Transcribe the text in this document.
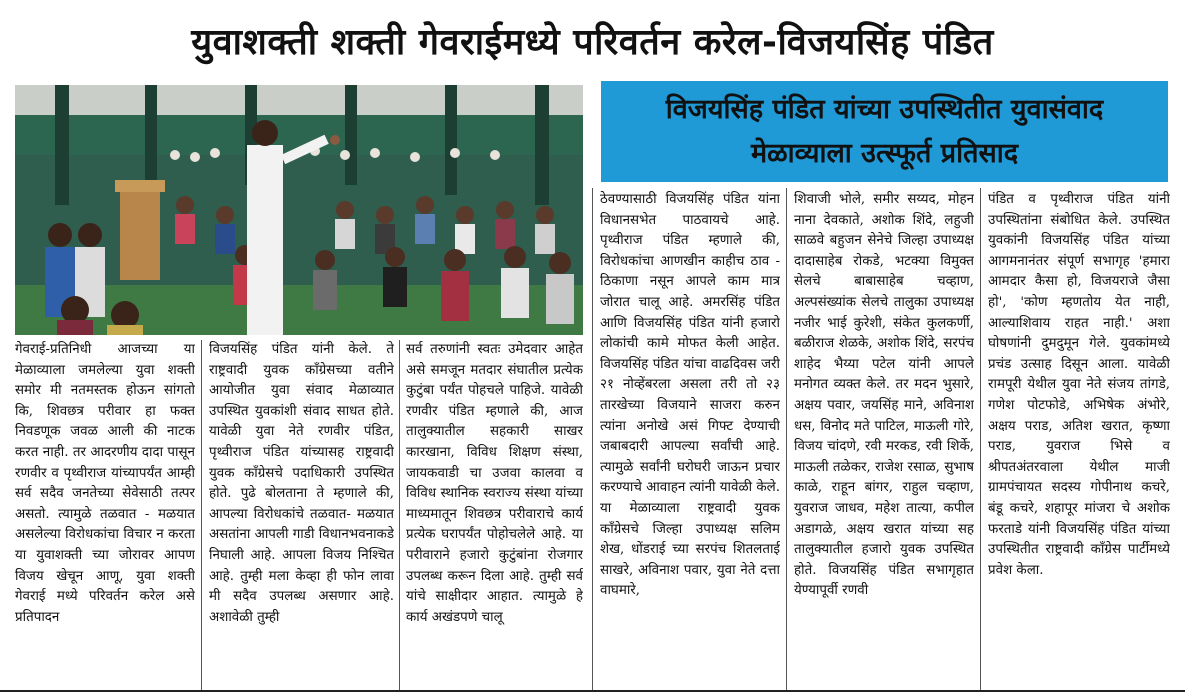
युवाशक्ती शक्ती गेवराईमध्ये परिवर्तन करेल-विजयसिंह पंडित
विजयसिंह पंडित यांच्या उपस्थितीत युवासंवाद
मेळाव्याला उत्स्फूर्त प्रतिसाद

गेवराई-प्रतिनिधी आजच्या या मेळाव्याला जमलेल्या युवा शक्ती समोर मी नतमस्तक होऊन सांगतो कि, शिवछत्र परीवार हा फक्त निवडणूक जवळ आली की नाटक करत नाही. तर आदरणीय दादा पासून रणवीर व पृथ्वीराज यांच्यापर्यंत आम्ही सर्व सदैव जनतेच्या सेवेसाठी तत्पर असतो. त्यामुळे तळवात - मळयात असलेल्या विरोधकांचा विचार न करता या युवाशक्ती च्या जोरावर आपण विजय खेचून आणू, युवा शक्ती गेवराई मध्ये परिवर्तन करेल असे प्रतिपादन

विजयसिंह पंडित यांनी केले. ते राष्ट्रवादी युवक कॉंग्रेसच्या वतीने आयोजीत युवा संवाद मेळाव्यात उपस्थित युवकांशी संवाद साधत होते. यावेळी युवा नेते रणवीर पंडित, पृथ्वीराज पंडित यांच्यासह राष्ट्रवादी युवक कॉंग्रेसचे पदाधिकारी उपस्थित होते. पुढे बोलताना ते म्हणाले की, आपल्या विरोधकांचे तळवात- मळयात असतांना आपली गाडी विधानभवनाकडे निघाली आहे. आपला विजय निश्चित आहे. तुम्ही मला केव्हा ही फोन लावा मी सदैव उपलब्ध असणार आहे. अशावेळी तुम्ही

सर्व तरुणांनी स्वतः उमेदवार आहेत असे समजून मतदार संघातील प्रत्येक कुटुंबा पर्यंत पोहचले पाहिजे. यावेळी रणवीर पंडित म्हणाले की, आज तालुक्यातील सहकारी साखर कारखाना, विविध शिक्षण संस्था, जायकवाडी चा उजवा कालवा व विविध स्थानिक स्वराज्य संस्था यांच्या माध्यमातून शिवछत्र परीवाराचे कार्य प्रत्येक घरापर्यंत पोहोचलेले आहे. या परीवाराने हजारो कुटुंबांना रोजगार उपलब्ध करून दिला आहे. तुम्ही सर्व यांचे साक्षीदार आहात. त्यामुळे हे कार्य अखंडपणे चालू

ठेवण्यासाठी विजयसिंह पंडित यांना विधानसभेत पाठवायचे आहे. पृथ्वीराज पंडित म्हणाले की, विरोधकांचा आणखीन काहीच ठाव - ठिकाणा नसून आपले काम मात्र जोरात चालू आहे. अमरसिंह पंडित आणि विजयसिंह पंडित यांनी हजारो लोकांची कामे मोफत केली आहेत. विजयसिंह पंडित यांचा वाढदिवस जरी २१ नोव्हेंबरला असला तरी तो २३ तारखेच्या विजयाने साजरा करुन त्यांना अनोखे असं गिफ्ट देण्याची जबाबदारी आपल्या सर्वांची आहे. त्यामुळे सर्वांनी घरोघरी जाऊन प्रचार करण्याचे आवाहन त्यांनी यावेळी केले. या मेळाव्याला राष्ट्रवादी युवक कॉंग्रेसचे जिल्हा उपाध्यक्ष सलिम शेख, धोंडराई च्या सरपंच शितलताई साखरे, अविनाश पवार, युवा नेते दत्ता वाघमारे,

शिवाजी भोले, समीर सय्यद, मोहन नाना देवकाते, अशोक शिंदे, लहुजी साळवे बहुजन सेनेचे जिल्हा उपाध्यक्ष दादासाहेब रोकडे, भटक्या विमुक्त सेलचे बाबासाहेब चव्हाण, अल्पसंख्यांक सेलचे तालुका उपाध्यक्ष नजीर भाई कुरेशी, संकेत कुलकर्णी, बळीराज शेळके, अशोक शिंदे, सरपंच शाहेद भैय्या पटेल यांनी आपले मनोगत व्यक्त केले. तर मदन भुसारे, अक्षय पवार, जयसिंह माने, अविनाश धस, विनोद मते पाटिल, माऊली गोरे, विजय चांदणे, रवी मरकड, रवी शिर्के, माऊली तळेकर, राजेश रसाळ, सुभाष काळे, राहून बांगर, राहुल चव्हाण, युवराज जाधव, महेश तात्या, कपील अडागळे, अक्षय खरात यांच्या सह तालुक्यातील हजारो युवक उपस्थित होते. विजयसिंह पंडित सभागृहात येण्यापूर्वी रणवी

पंडित व पृथ्वीराज पंडित यांनी उपस्थितांना संबोधित केले. उपस्थित युवकांनी विजयसिंह पंडित यांच्या आगमनानंतर संपूर्ण सभागृह 'हमारा आमदार कैसा हो, विजयराजे जैसा हो', 'कोण म्हणतोय येत नाही, आल्याशिवाय राहत नाही.' अशा घोषणांनी दुमदुमून गेले. युवकांमध्ये प्रचंड उत्साह दिसून आला. यावेळी रामपूरी येथील युवा नेते संजय तांगडे, गणेश पोटफोडे, अभिषेक अंभोरे, अक्षय पराड, अतिश खरात, कृष्णा पराड, युवराज भिसे व श्रीपतअंतरवाला येथील माजी ग्रामपंचायत सदस्य गोपीनाथ कचरे, बंडू कचरे, शहापूर मांजरा चे अशोक फरताडे यांनी विजयसिंह पंडित यांच्या उपस्थितीत राष्ट्रवादी कॉंग्रेस पार्टीमध्ये प्रवेश केला.
